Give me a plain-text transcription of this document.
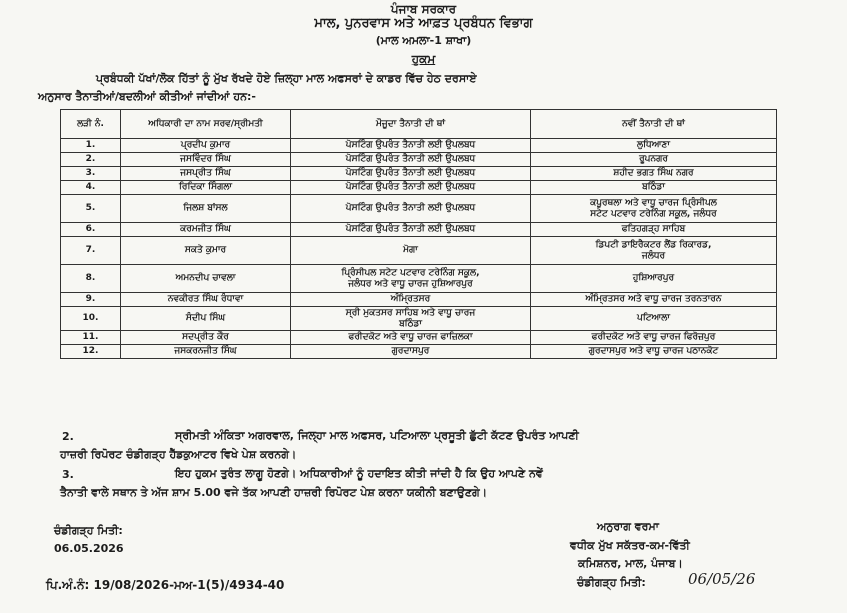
ਪੰਜਾਬ ਸਰਕਾਰ
ਮਾਲ, ਪੁਨਰਵਾਸ ਅਤੇ ਆਫ਼ਤ ਪ੍ਰਬੰਧਨ ਵਿਭਾਗ
(ਮਾਲ ਅਮਲਾ-1 ਸ਼ਾਖਾ)
ਹੁਕਮ
ਪ੍ਰਬੰਧਕੀ ਪੱਖਾਂ/ਲੋਕ ਹਿੱਤਾਂ ਨੂੰ ਮੁੱਖ ਰੱਖਦੇ ਹੋਏ ਜ਼ਿਲ੍ਹਾ ਮਾਲ ਅਫਸਰਾਂ ਦੇ ਕਾਡਰ ਵਿੱਚ ਹੇਠ ਦਰਸਾਏ
ਅਨੁਸਾਰ ਤੈਨਾਤੀਆਂ/ਬਦਲੀਆਂ ਕੀਤੀਆਂ ਜਾਂਦੀਆਂ ਹਨ:-
ਲੜੀ ਨੰ.	ਅਧਿਕਾਰੀ ਦਾ ਨਾਮ ਸਰਵ/ਸ੍ਰੀਮਤੀ	ਮੌਜੂਦਾ ਤੈਨਾਤੀ ਦੀ ਥਾਂ	ਨਵੀਂ ਤੈਨਾਤੀ ਦੀ ਥਾਂ

1.	ਪ੍ਰਦੀਪ ਕੁਮਾਰ	ਪੋਸਟਿੰਗ ਉਪਰੰਤ ਤੈਨਾਤੀ ਲਈ ਉਪਲਬਧ	ਲੁਧਿਆਣਾ

2.	ਜਸਵਿੰਦਰ ਸਿੰਘ	ਪੋਸਟਿੰਗ ਉਪਰੰਤ ਤੈਨਾਤੀ ਲਈ ਉਪਲਬਧ	ਰੂਪਨਗਰ

3.	ਜਸਪ੍ਰੀਤ ਸਿੰਘ	ਪੋਸਟਿੰਗ ਉਪਰੰਤ ਤੈਨਾਤੀ ਲਈ ਉਪਲਬਧ	ਸ਼ਹੀਦ ਭਗਤ ਸਿੰਘ ਨਗਰ

4.	ਰਿਦਿਕਾ ਸਿੰਗਲਾ	ਪੋਸਟਿੰਗ ਉਪਰੰਤ ਤੈਨਾਤੀ ਲਈ ਉਪਲਬਧ	ਬਠਿੰਡਾ

5.	ਜਿਲਸ਼ ਬਾਂਸਲ	ਪੋਸਟਿੰਗ ਉਪਰੰਤ ਤੈਨਾਤੀ ਲਈ ਉਪਲਬਧ	ਕਪੂਰਥਲਾ ਅਤੇ ਵਾਧੂ ਚਾਰਜ ਪ੍ਰਿੰਸੀਪਲ
ਸਟੇਟ ਪਟਵਾਰ ਟਰੇਨਿੰਗ ਸਕੂਲ, ਜਲੰਧਰ

6.	ਕਰਮਜੀਤ ਸਿੰਘ	ਪੋਸਟਿੰਗ ਉਪਰੰਤ ਤੈਨਾਤੀ ਲਈ ਉਪਲਬਧ	ਫਤਿਹਗੜ੍ਹ ਸਾਹਿਬ

7.	ਸਕਤੇ ਕੁਮਾਰ	ਮੋਗਾ	ਡਿਪਟੀ ਡਾਇਰੈਕਟਰ ਲੈਂਡ ਰਿਕਾਰਡ,
ਜਲੰਧਰ

8.	ਅਮਨਦੀਪ ਚਾਵਲਾ	ਪ੍ਰਿੰਸੀਪਲ ਸਟੇਟ ਪਟਵਾਰ ਟਰੇਨਿੰਗ ਸਕੂਲ,
ਜਲੰਧਰ ਅਤੇ ਵਾਧੂ ਚਾਰਜ ਹੁਸ਼ਿਆਰਪੁਰ	ਹੁਸ਼ਿਆਰਪੁਰ

9.	ਨਵਕੀਰਤ ਸਿੰਘ ਰੰਧਾਵਾ	ਅੰਮ੍ਰਿਤਸਰ	ਅੰਮ੍ਰਿਤਸਰ ਅਤੇ ਵਾਧੂ ਚਾਰਜ ਤਰਨਤਾਰਨ

10.	ਸੰਦੀਪ ਸਿੰਘ	ਸ੍ਰੀ ਮੁਕਤਸਰ ਸਾਹਿਬ ਅਤੇ ਵਾਧੂ ਚਾਰਜ
ਬਠਿੰਡਾ	ਪਟਿਆਲਾ

11.	ਸਦਪ੍ਰੀਤ ਕੌਰ	ਫਰੀਦਕੋਟ ਅਤੇ ਵਾਧੂ ਚਾਰਜ ਫਾਜ਼ਿਲਕਾ	ਫਰੀਦਕੋਟ ਅਤੇ ਵਾਧੂ ਚਾਰਜ ਫਿਰੋਜ਼ਪੁਰ

12.	ਜਸਕਰਨਜੀਤ ਸਿੰਘ	ਗੁਰਦਾਸਪੁਰ	ਗੁਰਦਾਸਪੁਰ ਅਤੇ ਵਾਧੂ ਚਾਰਜ ਪਠਾਨਕੋਟ
2.	ਸ੍ਰੀਮਤੀ ਅੰਕਿਤਾ ਅਗਰਵਾਲ, ਜਿਲ੍ਹਾ ਮਾਲ ਅਫਸਰ, ਪਟਿਆਲਾ ਪ੍ਰਸੂਤੀ ਛੁੱਟੀ ਕੱਟਣ ਉਪਰੰਤ ਆਪਣੀ
ਹਾਜ਼ਰੀ ਰਿਪੋਰਟ ਚੰਡੀਗੜ੍ਹ ਹੈੱਡਕੁਆਟਰ ਵਿਖੇ ਪੇਸ਼ ਕਰਨਗੇ।
3.	ਇਹ ਹੁਕਮ ਤੁਰੰਤ ਲਾਗੂ ਹੋਣਗੇ। ਅਧਿਕਾਰੀਆਂ ਨੂੰ ਹਦਾਇਤ ਕੀਤੀ ਜਾਂਦੀ ਹੈ ਕਿ ਉਹ ਆਪਣੇ ਨਵੇਂ
ਤੈਨਾਤੀ ਵਾਲੇ ਸਥਾਨ ਤੇ ਅੱਜ ਸ਼ਾਮ 5.00 ਵਜੇ ਤੱਕ ਆਪਣੀ ਹਾਜ਼ਰੀ ਰਿਪੋਰਟ ਪੇਸ਼ ਕਰਨਾ ਯਕੀਨੀ ਬਣਾਉਣਗੇ।
ਚੰਡੀਗੜ੍ਹ ਮਿਤੀ:
06.05.2026
ਅਨੁਰਾਗ ਵਰਮਾ
ਵਧੀਕ ਮੁੱਖ ਸਕੱਤਰ-ਕਮ-ਵਿੱਤੀ
ਕਮਿਸ਼ਨਰ, ਮਾਲ, ਪੰਜਾਬ।
ਪਿ.ਅੰ.ਨੰ: 19/08/2026-ਮਅ-1(5)/4934-40	ਚੰਡੀਗੜ੍ਹ ਮਿਤੀ:	06/05/26
